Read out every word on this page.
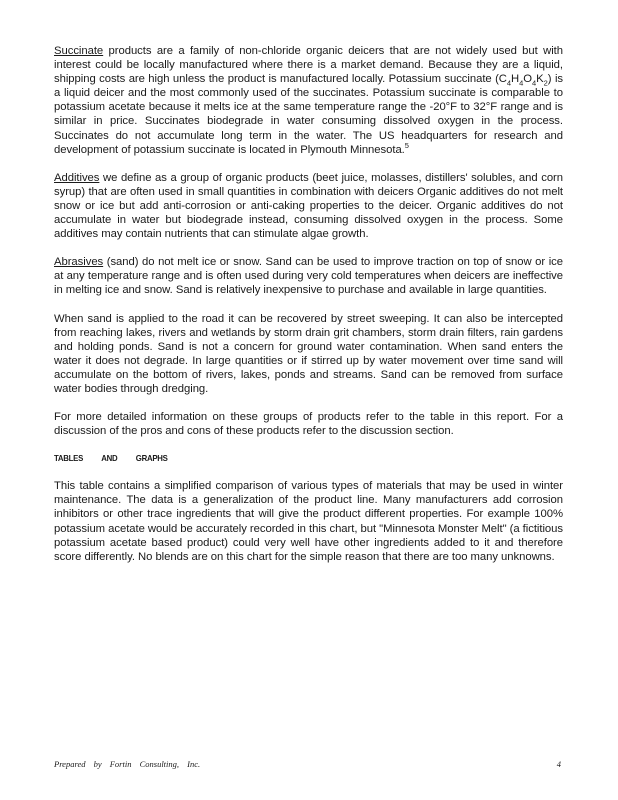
Succinate products are a family of non-chloride organic deicers that are not widely used but with interest could be locally manufactured where there is a market demand. Because they are a liquid, shipping costs are high unless the product is manufactured locally. Potassium succinate $(C_4H_4O_4K_2)$ is a liquid deicer and the most commonly used of the succinates. Potassium succinate is comparable to potassium acetate because it melts ice at the same temperature range the -20°F to 32°F range and is similar in price. Succinates biodegrade in water consuming dissolved oxygen in the process. Succinates do not accumulate long term in the water. The US headquarters for research and development of potassium succinate is located in Plymouth Minnesota.$^5$

Additives we define as a group of organic products (beet juice, molasses, distillers' solubles, and corn syrup) that are often used in small quantities in combination with deicers Organic additives do not melt snow or ice but add anti-corrosion or anti-caking properties to the deicer. Organic additives do not accumulate in water but biodegrade instead, consuming dissolved oxygen in the process. Some additives may contain nutrients that can stimulate algae growth.

Abrasives (sand) do not melt ice or snow. Sand can be used to improve traction on top of snow or ice at any temperature range and is often used during very cold temperatures when deicers are ineffective in melting ice and snow. Sand is relatively inexpensive to purchase and available in large quantities.

When sand is applied to the road it can be recovered by street sweeping. It can also be intercepted from reaching lakes, rivers and wetlands by storm drain grit chambers, storm drain filters, rain gardens and holding ponds. Sand is not a concern for ground water contamination. When sand enters the water it does not degrade. In large quantities or if stirred up by water movement over time sand will accumulate on the bottom of rivers, lakes, ponds and streams. Sand can be removed from surface water bodies through dredging.

For more detailed information on these groups of products refer to the table in this report. For a discussion of the pros and cons of these products refer to the discussion section.

TABLES AND GRAPHS

This table contains a simplified comparison of various types of materials that may be used in winter maintenance. The data is a generalization of the product line. Many manufacturers add corrosion inhibitors or other trace ingredients that will give the product different properties. For example 100% potassium acetate would be accurately recorded in this chart, but "Minnesota Monster Melt" (a fictitious potassium acetate based product) could very well have other ingredients added to it and therefore score differently. No blends are on this chart for the simple reason that there are too many unknowns.

Prepared by Fortin Consulting, Inc.	4
